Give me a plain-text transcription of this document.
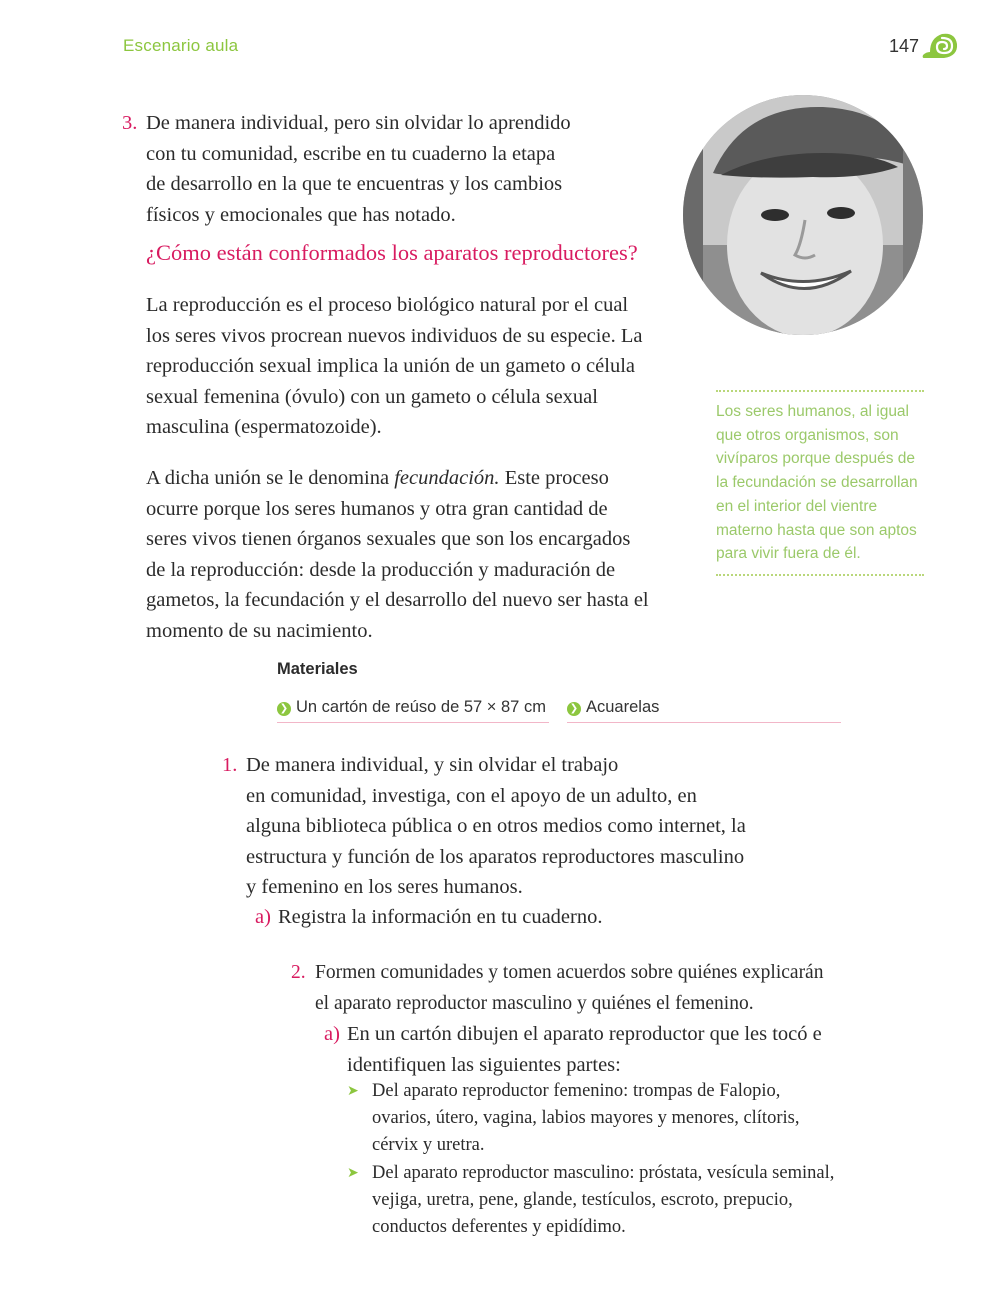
Escenario aula	147
3. De manera individual, pero sin olvidar lo aprendido
con tu comunidad, escribe en tu cuaderno la etapa
de desarrollo en la que te encuentras y los cambios
físicos y emocionales que has notado.
¿Cómo están conformados los aparatos reproductores?
La reproducción es el proceso biológico natural por el cual
los seres vivos procrean nuevos individuos de su especie. La
reproducción sexual implica la unión de un gameto o célula
sexual femenina (óvulo) con un gameto o célula sexual
masculina (espermatozoide).
A dicha unión se le denomina fecundación. Este proceso
ocurre porque los seres humanos y otra gran cantidad de
seres vivos tienen órganos sexuales que son los encargados
de la reproducción: desde la producción y maduración de
gametos, la fecundación y el desarrollo del nuevo ser hasta el
momento de su nacimiento.
Los seres humanos, al igual
que otros organismos, son
vivíparos porque después de
la fecundación se desarrollan
en el interior del vientre
materno hasta que son aptos
para vivir fuera de él.
Materiales
❯ Un cartón de reúso de 57 × 87 cm	❯ Acuarelas
1. De manera individual, y sin olvidar el trabajo
en comunidad, investiga, con el apoyo de un adulto, en
alguna biblioteca pública o en otros medios como internet, la
estructura y función de los aparatos reproductores masculino
y femenino en los seres humanos.
a) Registra la información en tu cuaderno.
2. Formen comunidades y tomen acuerdos sobre quiénes explicarán
el aparato reproductor masculino y quiénes el femenino.
a) En un cartón dibujen el aparato reproductor que les tocó e
identifiquen las siguientes partes:
➤ Del aparato reproductor femenino: trompas de Falopio,
ovarios, útero, vagina, labios mayores y menores, clítoris,
cérvix y uretra.
➤ Del aparato reproductor masculino: próstata, vesícula seminal,
vejiga, uretra, pene, glande, testículos, escroto, prepucio,
conductos deferentes y epidídimo.
